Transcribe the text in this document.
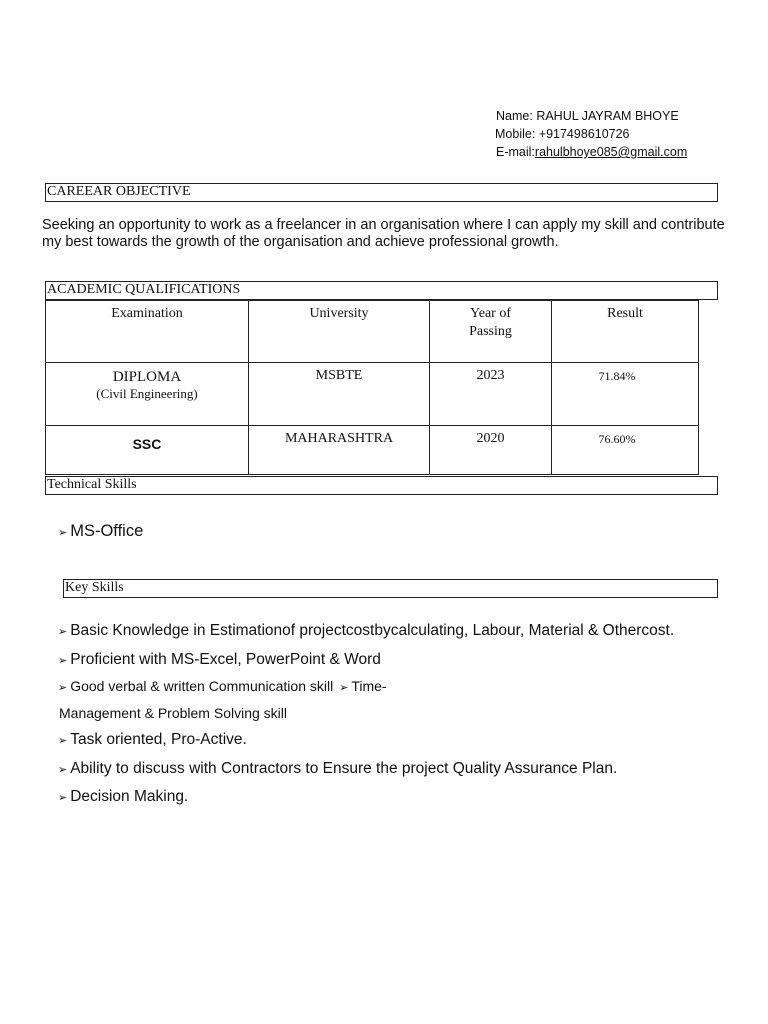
Name: RAHUL JAYRAM BHOYE
Mobile: +917498610726
E-mail:rahulbhoye085@gmail.com
CAREEAR OBJECTIVE
Seeking an opportunity to work as a freelancer in an organisation where I can apply my skill and contribute my best towards the growth of the organisation and achieve professional growth.
ACADEMIC QUALIFICATIONS
Examination	University	Year of Passing	Result

DIPLOMA
(Civil Engineering)	MSBTE	2023	71.84%
SSC	MAHARASHTRA	2020	76.60%
Technical Skills
➢ MS-Office
Key Skills
➢ Basic Knowledge in Estimationof projectcostbycalculating, Labour, Material & Othercost.
➢ Proficient with MS-Excel, PowerPoint & Word
➢ Good verbal & written Communication skill ➢ Time-
Management & Problem Solving skill
➢ Task oriented, Pro-Active.
➢ Ability to discuss with Contractors to Ensure the project Quality Assurance Plan.
➢ Decision Making.
